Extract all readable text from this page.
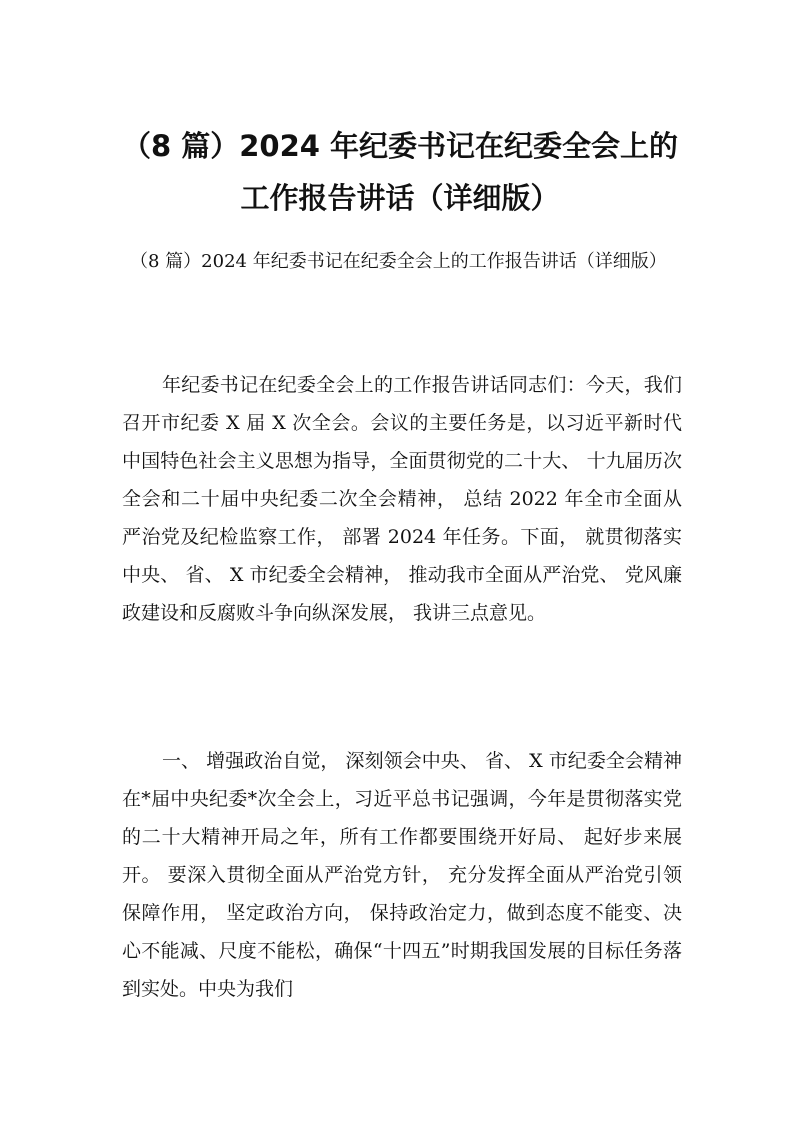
（8 篇）2024 年纪委书记在纪委全会上的工作报告讲话（详细版）

（8 篇）2024 年纪委书记在纪委全会上的工作报告讲话（详细版）

年纪委书记在纪委全会上的工作报告讲话同志们：今天，我们召开市纪委 X 届 X 次全会。会议的主要任务是，以习近平新时代中国特色社会主义思想为指导，全面贯彻党的二十大、 十九届历次全会和二十届中央纪委二次全会精神， 总结 2022 年全市全面从严治党及纪检监察工作， 部署 2024 年任务。下面， 就贯彻落实中央、 省、 X 市纪委全会精神， 推动我市全面从严治党、 党风廉政建设和反腐败斗争向纵深发展， 我讲三点意见。

一、 增强政治自觉， 深刻领会中央、 省、 X 市纪委全会精神在*届中央纪委*次全会上，习近平总书记强调，今年是贯彻落实党的二十大精神开局之年，所有工作都要围绕开好局、 起好步来展开。 要深入贯彻全面从严治党方针， 充分发挥全面从严治党引领保障作用， 坚定政治方向， 保持政治定力，做到态度不能变、决心不能减、尺度不能松，确保“十四五”时期我国发展的目标任务落到实处。中央为我们
